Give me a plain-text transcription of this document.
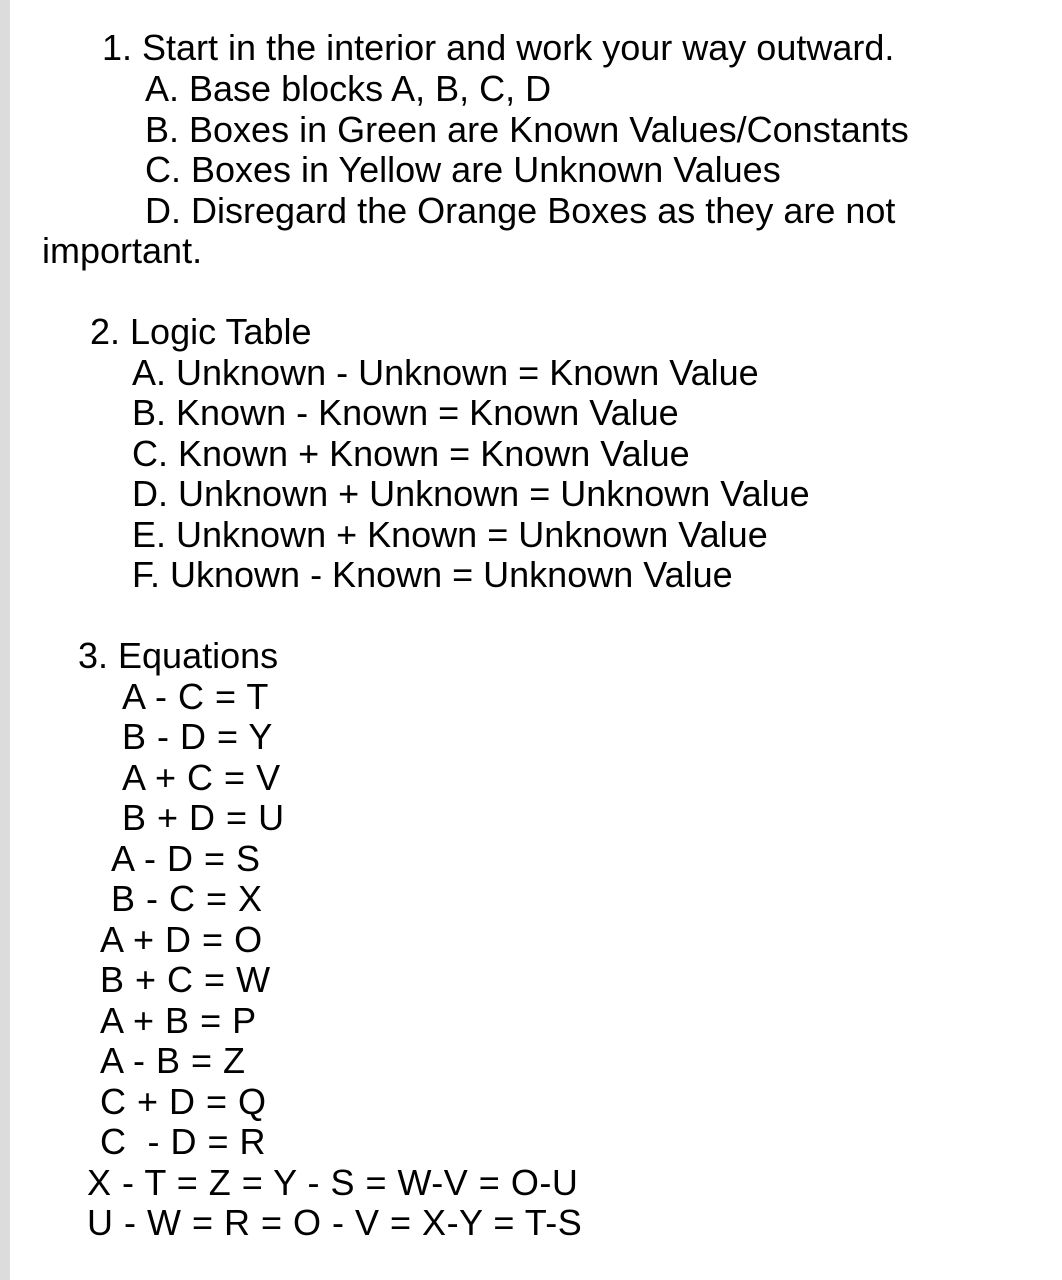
1. Start in the interior and work your way outward.
A. Base blocks A, B, C, D
B. Boxes in Green are Known Values/Constants
C. Boxes in Yellow are Unknown Values
D. Disregard the Orange Boxes as they are not
important.
2. Logic Table
A. Unknown - Unknown = Known Value
B. Known - Known = Known Value
C. Known + Known = Known Value
D. Unknown + Unknown = Unknown Value
E. Unknown + Known = Unknown Value
F. Uknown - Known = Unknown Value
3. Equations
A - C = T
B - D = Y
A + C = V
B + D = U
A - D = S
B - C = X
A + D = O
B + C = W
A + B = P
A - B = Z
C + D = Q
C  - D = R
X - T = Z = Y - S = W-V = O-U
U - W = R = O - V = X-Y = T-S
